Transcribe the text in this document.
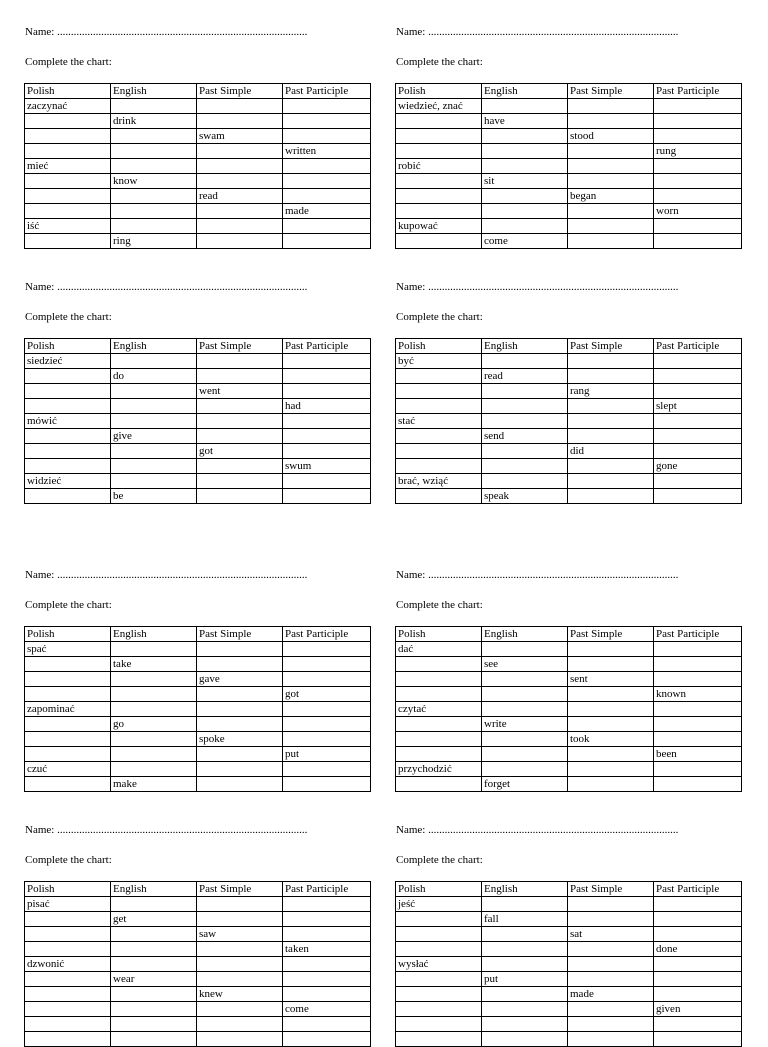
Name: ...........................................................................................
Complete the chart:
Polish	English	Past Simple	Past Participle
zaczynać			
	drink		
		swam	
			written
mieć			
	know		
		read	
			made
iść			
	ring		
Name: ...........................................................................................
Complete the chart:
Polish	English	Past Simple	Past Participle
wiedzieć, znać			
	have		
		stood	
			rung
robić			
	sit		
		began	
			worn
kupować			
	come		
Name: ...........................................................................................
Complete the chart:
Polish	English	Past Simple	Past Participle
siedzieć			
	do		
		went	
			had
mówić			
	give		
		got	
			swum
widzieć			
	be		
Name: ...........................................................................................
Complete the chart:
Polish	English	Past Simple	Past Participle
być			
	read		
		rang	
			slept
stać			
	send		
		did	
			gone
brać, wziąć			
	speak		
Name: ...........................................................................................
Complete the chart:
Polish	English	Past Simple	Past Participle
spać			
	take		
		gave	
			got
zapominać			
	go		
		spoke	
			put
czuć			
	make		
Name: ...........................................................................................
Complete the chart:
Polish	English	Past Simple	Past Participle
dać			
	see		
		sent	
			known
czytać			
	write		
		took	
			been
przychodzić			
	forget		
Name: ...........................................................................................
Complete the chart:
Polish	English	Past Simple	Past Participle
pisać			
	get		
		saw	
			taken
dzwonić			
	wear		
		knew	
			come

Name: ...........................................................................................
Complete the chart:
Polish	English	Past Simple	Past Participle
jeść			
	fall		
		sat	
			done
wysłać			
	put		
		made	
			given
